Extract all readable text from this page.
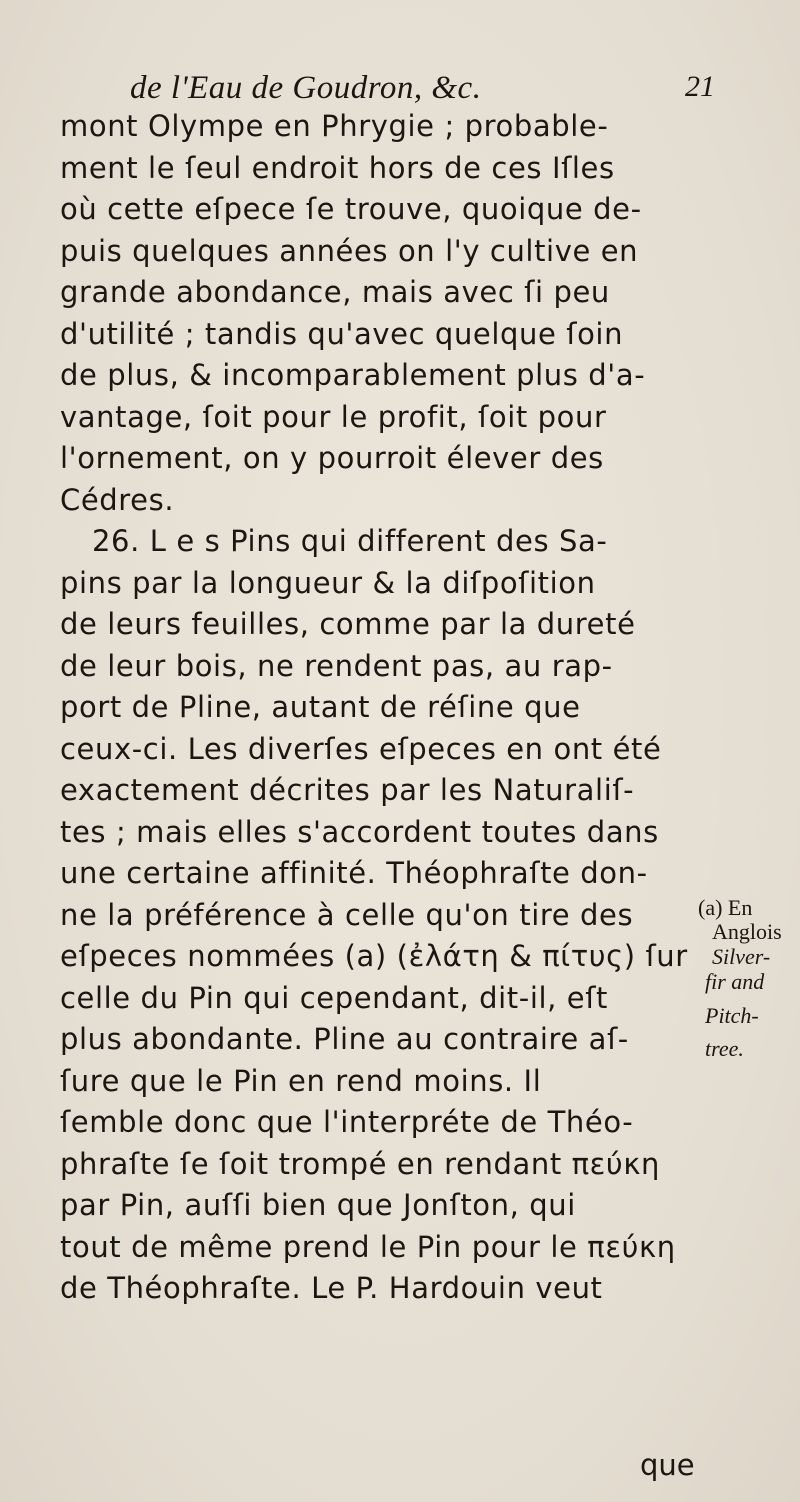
de l'Eau de Goudron, &c.	21
mont Olympe en Phrygie ; probable-
ment le ſeul endroit hors de ces Iſles
où cette eſpece ſe trouve, quoique de-
puis quelques années on l'y cultive en
grande abondance, mais avec ſi peu
d'utilité ; tandis qu'avec quelque ſoin
de plus, & incomparablement plus d'a-
vantage, ſoit pour le profit, ſoit pour
l'ornement, on y pourroit élever des
Cédres.
26. L e s Pins qui different des Sa-
pins par la longueur & la diſpoſition
de leurs feuilles, comme par la dureté
de leur bois, ne rendent pas, au rap-
port de Pline, autant de réſine que
ceux-ci. Les diverſes eſpeces en ont été
exactement décrites par les Naturaliſ-
tes ; mais elles s'accordent toutes dans
une certaine affinité. Théophraſte don-
ne la préférence à celle qu'on tire des
eſpeces nommées (a) (ἐλάτη & πίτυς) ſur
celle du Pin qui cependant, dit-il, eſt
plus abondante. Pline au contraire aſ-
ſure que le Pin en rend moins. Il
ſemble donc que l'interpréte de Théo-
phraſte ſe ſoit trompé en rendant πεύκη
par Pin, auſſi bien que Jonſton, qui
tout de même prend le Pin pour le πεύκη
de Théophraſte. Le P. Hardouin veut
(a) En
Anglois
Silver-
fir and
Pitch-
tree.
que
